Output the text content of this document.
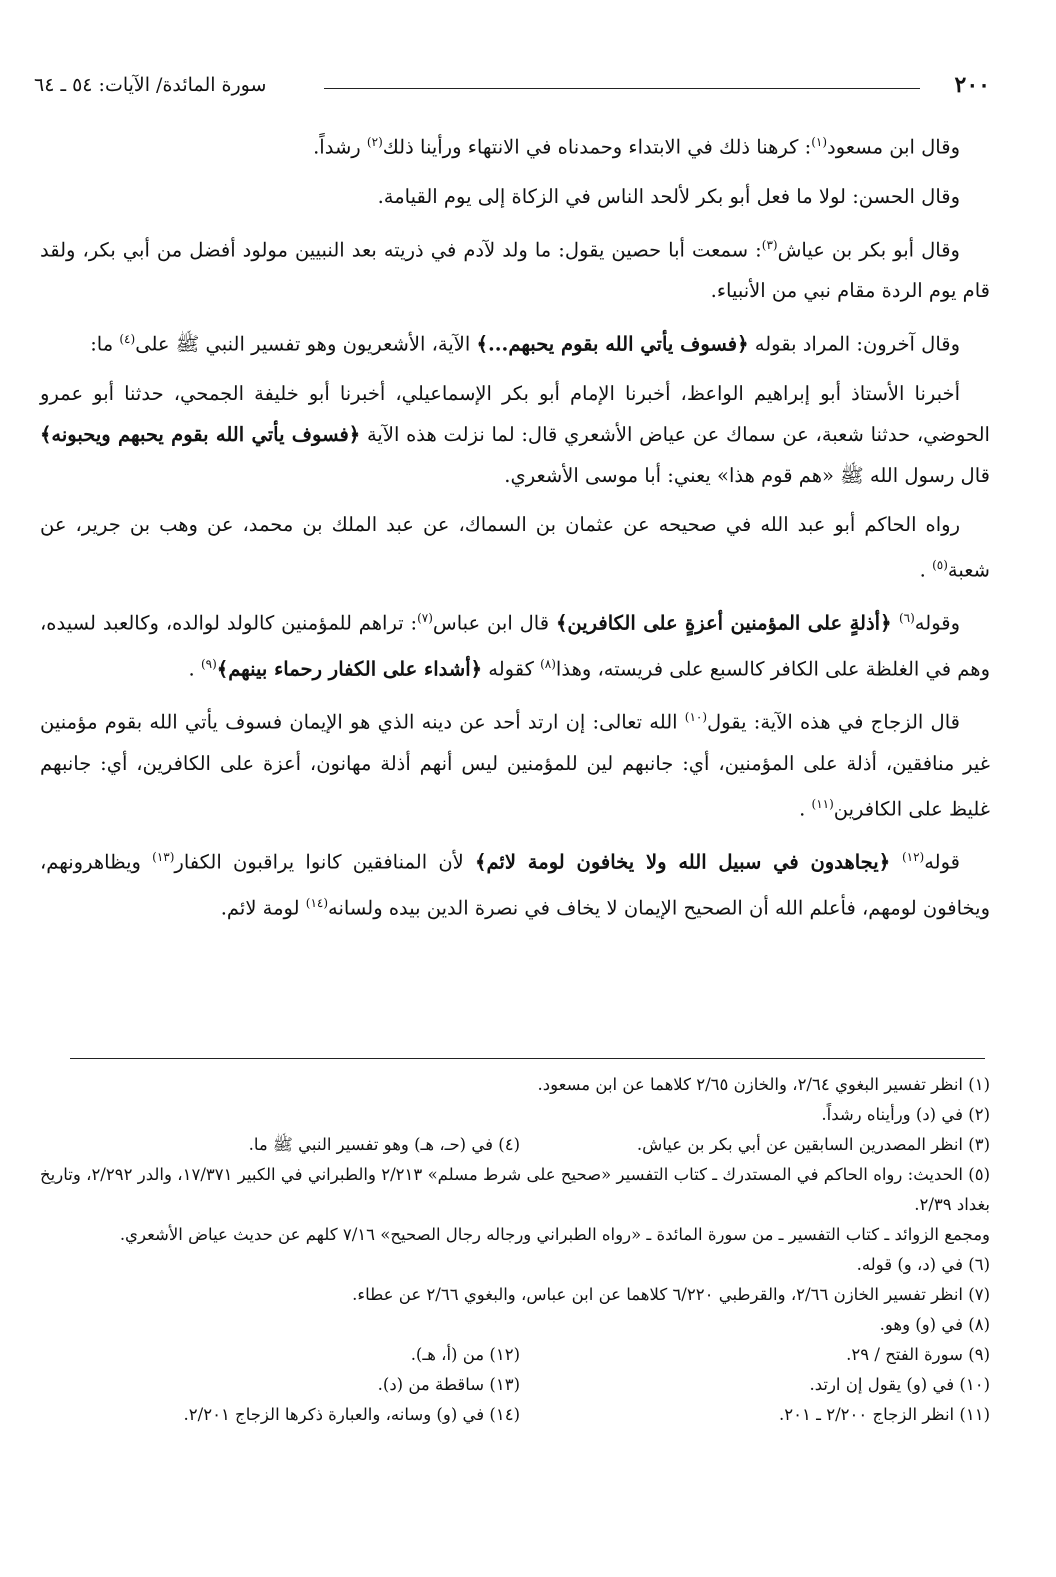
٢٠٠
سورة المائدة/ الآيات: ٥٤ ـ ٦٤

وقال ابن مسعود$^{(١)}$: كرهنا ذلك في الابتداء وحمدناه في الانتهاء ورأينا ذلك$^{(٢)}$ رشداً.

وقال الحسن: لولا ما فعل أبو بكر لألحد الناس في الزكاة إلى يوم القيامة.

وقال أبو بكر بن عياش$^{(٣)}$: سمعت أبا حصين يقول: ما ولد لآدم في ذريته بعد النبيين مولود أفضل من أبي بكر، ولقد قام يوم الردة مقام نبي من الأنبياء.

وقال آخرون: المراد بقوله ﴿فسوف يأتي الله بقوم يحبهم...﴾ الآية، الأشعريون وهو تفسير النبي ﷺ على$^{(٤)}$ ما:

أخبرنا الأستاذ أبو إبراهيم الواعظ، أخبرنا الإمام أبو بكر الإسماعيلي، أخبرنا أبو خليفة الجمحي، حدثنا أبو عمرو الحوضي، حدثنا شعبة، عن سماك عن عياض الأشعري قال: لما نزلت هذه الآية ﴿فسوف يأتي الله بقوم يحبهم ويحبونه﴾ قال رسول الله ﷺ «هم قوم هذا» يعني: أبا موسى الأشعري.

رواه الحاكم أبو عبد الله في صحيحه عن عثمان بن السماك، عن عبد الملك بن محمد، عن وهب بن جرير، عن شعبة$^{(٥)}$ .

وقوله$^{(٦)}$ ﴿أذلةٍ على المؤمنين أعزةٍ على الكافرين﴾ قال ابن عباس$^{(٧)}$: تراهم للمؤمنين كالولد لوالده، وكالعبد لسيده، وهم في الغلظة على الكافر كالسبع على فريسته، وهذا$^{(٨)}$ كقوله ﴿أشداء على الكفار رحماء بينهم﴾$^{(٩)}$ .

قال الزجاج في هذه الآية: يقول$^{(١٠)}$ الله تعالى: إن ارتد أحد عن دينه الذي هو الإيمان فسوف يأتي الله بقوم مؤمنين غير منافقين، أذلة على المؤمنين، أي: جانبهم لين للمؤمنين ليس أنهم أذلة مهانون، أعزة على الكافرين، أي: جانبهم غليظ على الكافرين$^{(١١)}$ .

قوله$^{(١٢)}$ ﴿يجاهدون في سبيل الله ولا يخافون لومة لائم﴾ لأن المنافقين كانوا يراقبون الكفار$^{(١٣)}$ ويظاهرونهم، ويخافون لومهم، فأعلم الله أن الصحيح الإيمان لا يخاف في نصرة الدين بيده ولسانه$^{(١٤)}$ لومة لائم.

(١) انظر تفسير البغوي ٢/٦٤، والخازن ٢/٦٥ كلاهما عن ابن مسعود.

(٢) في (د) ورأيناه رشداً.

(٣) انظر المصدرين السابقين عن أبي بكر بن عياش.
(٤) في (حـ، هـ) وهو تفسير النبي ﷺ ما.

(٥) الحديث: رواه الحاكم في المستدرك ـ كتاب التفسير «صحيح على شرط مسلم» ٢/٢١٣ والطبراني في الكبير ١٧/٣٧١، والدر ٢/٢٩٢، وتاريخ بغداد ٢/٣٩.

ومجمع الزوائد ـ كتاب التفسير ـ من سورة المائدة ـ «رواه الطبراني ورجاله رجال الصحيح» ٧/١٦ كلهم عن حديث عياض الأشعري.

(٦) في (د، و) قوله.

(٧) انظر تفسير الخازن ٢/٦٦، والقرطبي ٦/٢٢٠ كلاهما عن ابن عباس، والبغوي ٢/٦٦ عن عطاء.

(٨) في (و) وهو.

(٩) سورة الفتح / ٢٩.
(١٢) من (أ، هـ).
(١٠) في (و) يقول إن ارتد.
(١٣) ساقطة من (د).
(١١) انظر الزجاج ٢/٢٠٠ ـ ٢٠١.
(١٤) في (و) وسانه، والعبارة ذكرها الزجاج ٢/٢٠١.
